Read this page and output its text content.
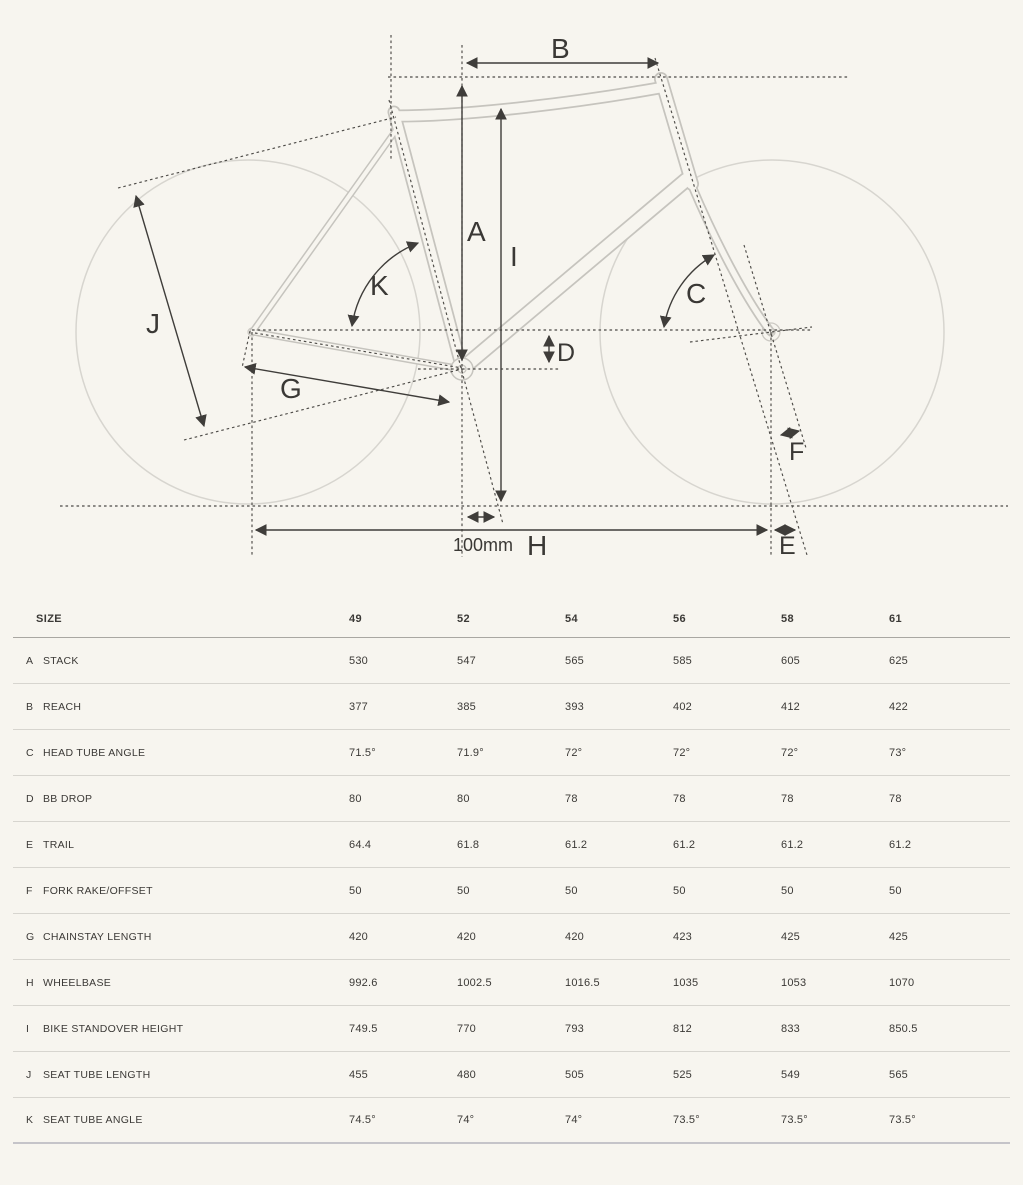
B
A
I
D
J
G
H	E
F
C
K
100mm
SIZE	49	52	54	56	58	61
A STACK	530	547	565	585	605	625
B REACH	377	385	393	402	412	422
C HEAD TUBE ANGLE	71.5°	71.9°	72°	72°	72°	73°
D BB DROP	80	80	78	78	78	78
E TRAIL	64.4	61.8	61.2	61.2	61.2	61.2
F FORK RAKE/OFFSET	50	50	50	50	50	50
G CHAINSTAY LENGTH	420	420	420	423	425	425
H WHEELBASE	992.6	1002.5	1016.5	1035	1053	1070
I	BIKE STANDOVER HEIGHT	749.5	770	793	812	833	850.5
J	SEAT TUBE LENGTH	455	480	505	525	549	565
K SEAT TUBE ANGLE	74.5°	74°	74°	73.5°	73.5°	73.5°
